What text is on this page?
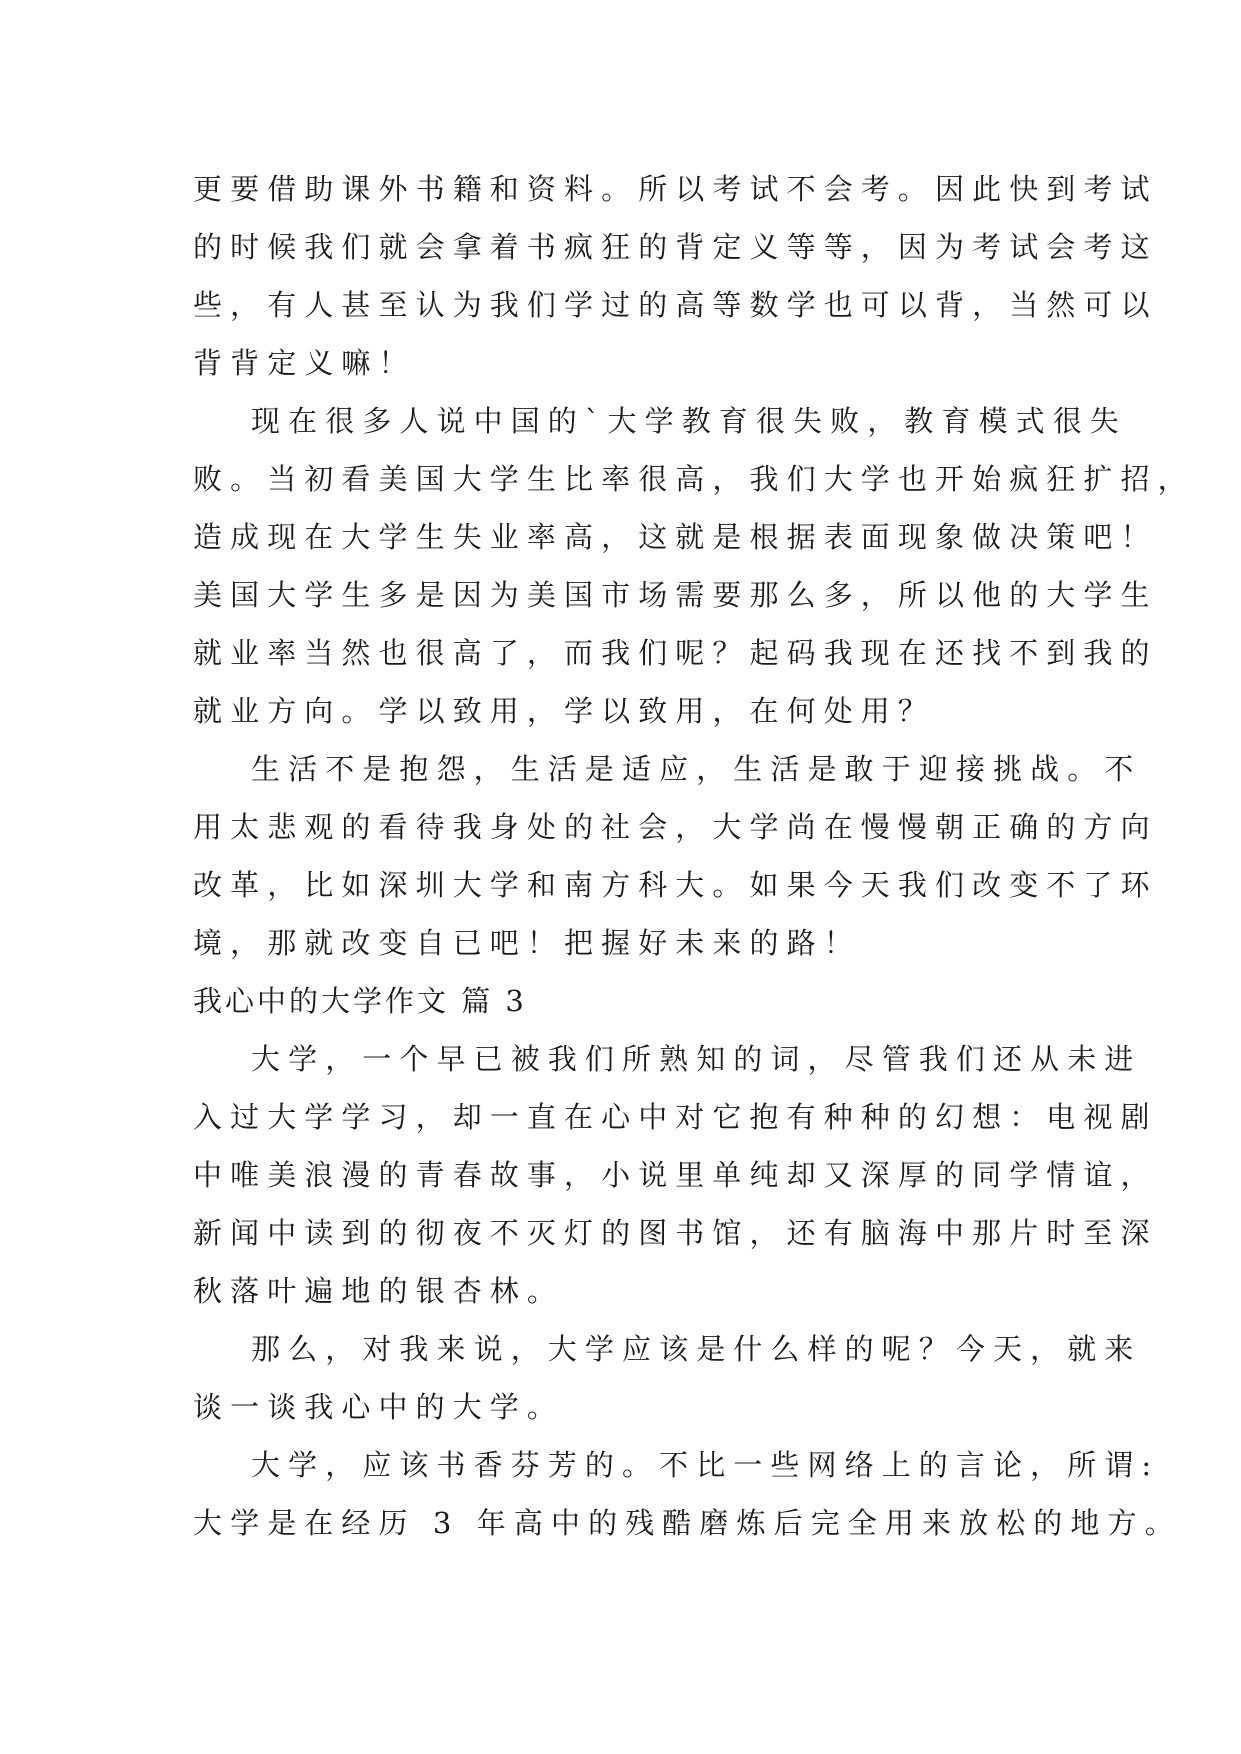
更要借助课外书籍和资料。所以考试不会考。因此快到考试
的时候我们就会拿着书疯狂的背定义等等，因为考试会考这
些，有人甚至认为我们学过的高等数学也可以背，当然可以
背背定义嘛！
现在很多人说中国的`大学教育很失败，教育模式很失
败。当初看美国大学生比率很高，我们大学也开始疯狂扩招，
造成现在大学生失业率高，这就是根据表面现象做决策吧！
美国大学生多是因为美国市场需要那么多，所以他的大学生
就业率当然也很高了，而我们呢？起码我现在还找不到我的
就业方向。学以致用，学以致用，在何处用？
生活不是抱怨，生活是适应，生活是敢于迎接挑战。不
用太悲观的看待我身处的社会，大学尚在慢慢朝正确的方向
改革，比如深圳大学和南方科大。如果今天我们改变不了环
境，那就改变自已吧！把握好未来的路！
我心中的大学作文 篇 3
大学，一个早已被我们所熟知的词，尽管我们还从未进
入过大学学习，却一直在心中对它抱有种种的幻想：电视剧
中唯美浪漫的青春故事，小说里单纯却又深厚的同学情谊，
新闻中读到的彻夜不灭灯的图书馆，还有脑海中那片时至深
秋落叶遍地的银杏林。
那么，对我来说，大学应该是什么样的呢？今天，就来
谈一谈我心中的大学。
大学，应该书香芬芳的。不比一些网络上的言论，所谓:
大学是在经历 3 年高中的残酷磨炼后完全用来放松的地方。
